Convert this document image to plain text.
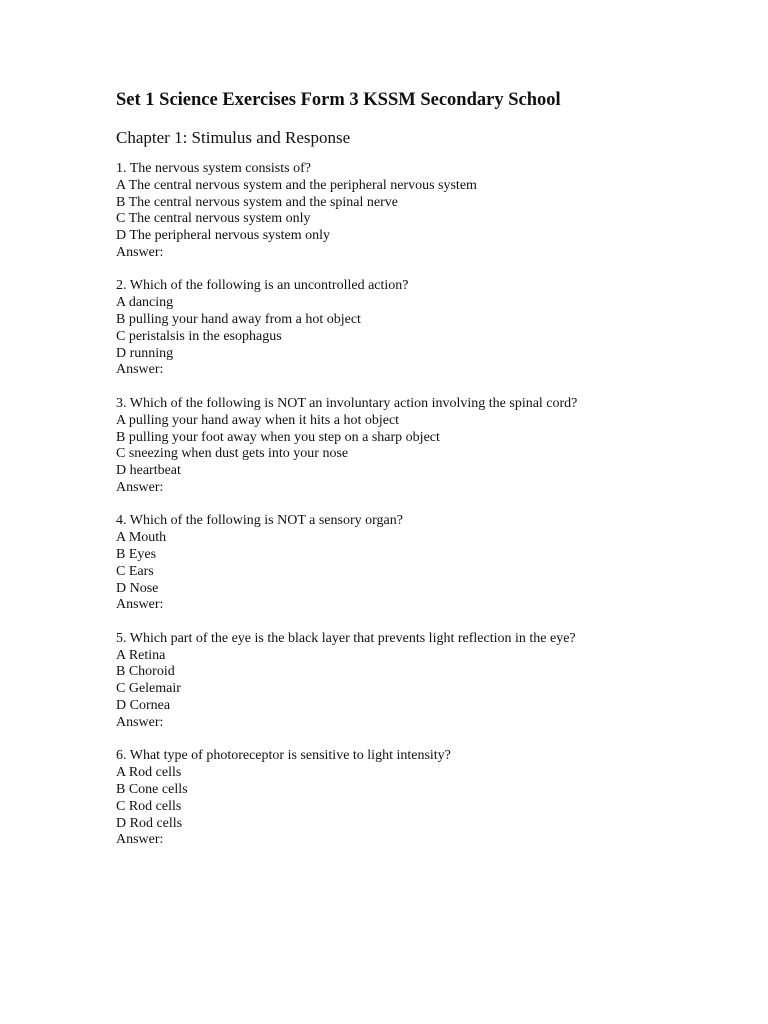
Set 1 Science Exercises Form 3 KSSM Secondary School
Chapter 1: Stimulus and Response
1. The nervous system consists of?
A The central nervous system and the peripheral nervous system
B The central nervous system and the spinal nerve
C The central nervous system only
D The peripheral nervous system only
Answer:
2. Which of the following is an uncontrolled action?
A dancing
B pulling your hand away from a hot object
C peristalsis in the esophagus
D running
Answer:
3. Which of the following is NOT an involuntary action involving the spinal cord?
A pulling your hand away when it hits a hot object
B pulling your foot away when you step on a sharp object
C sneezing when dust gets into your nose
D heartbeat
Answer:
4. Which of the following is NOT a sensory organ?
A Mouth
B Eyes
C Ears
D Nose
Answer:
5. Which part of the eye is the black layer that prevents light reflection in the eye?
A Retina
B Choroid
C Gelemair
D Cornea
Answer:
6. What type of photoreceptor is sensitive to light intensity?
A Rod cells
B Cone cells
C Rod cells
D Rod cells
Answer:
